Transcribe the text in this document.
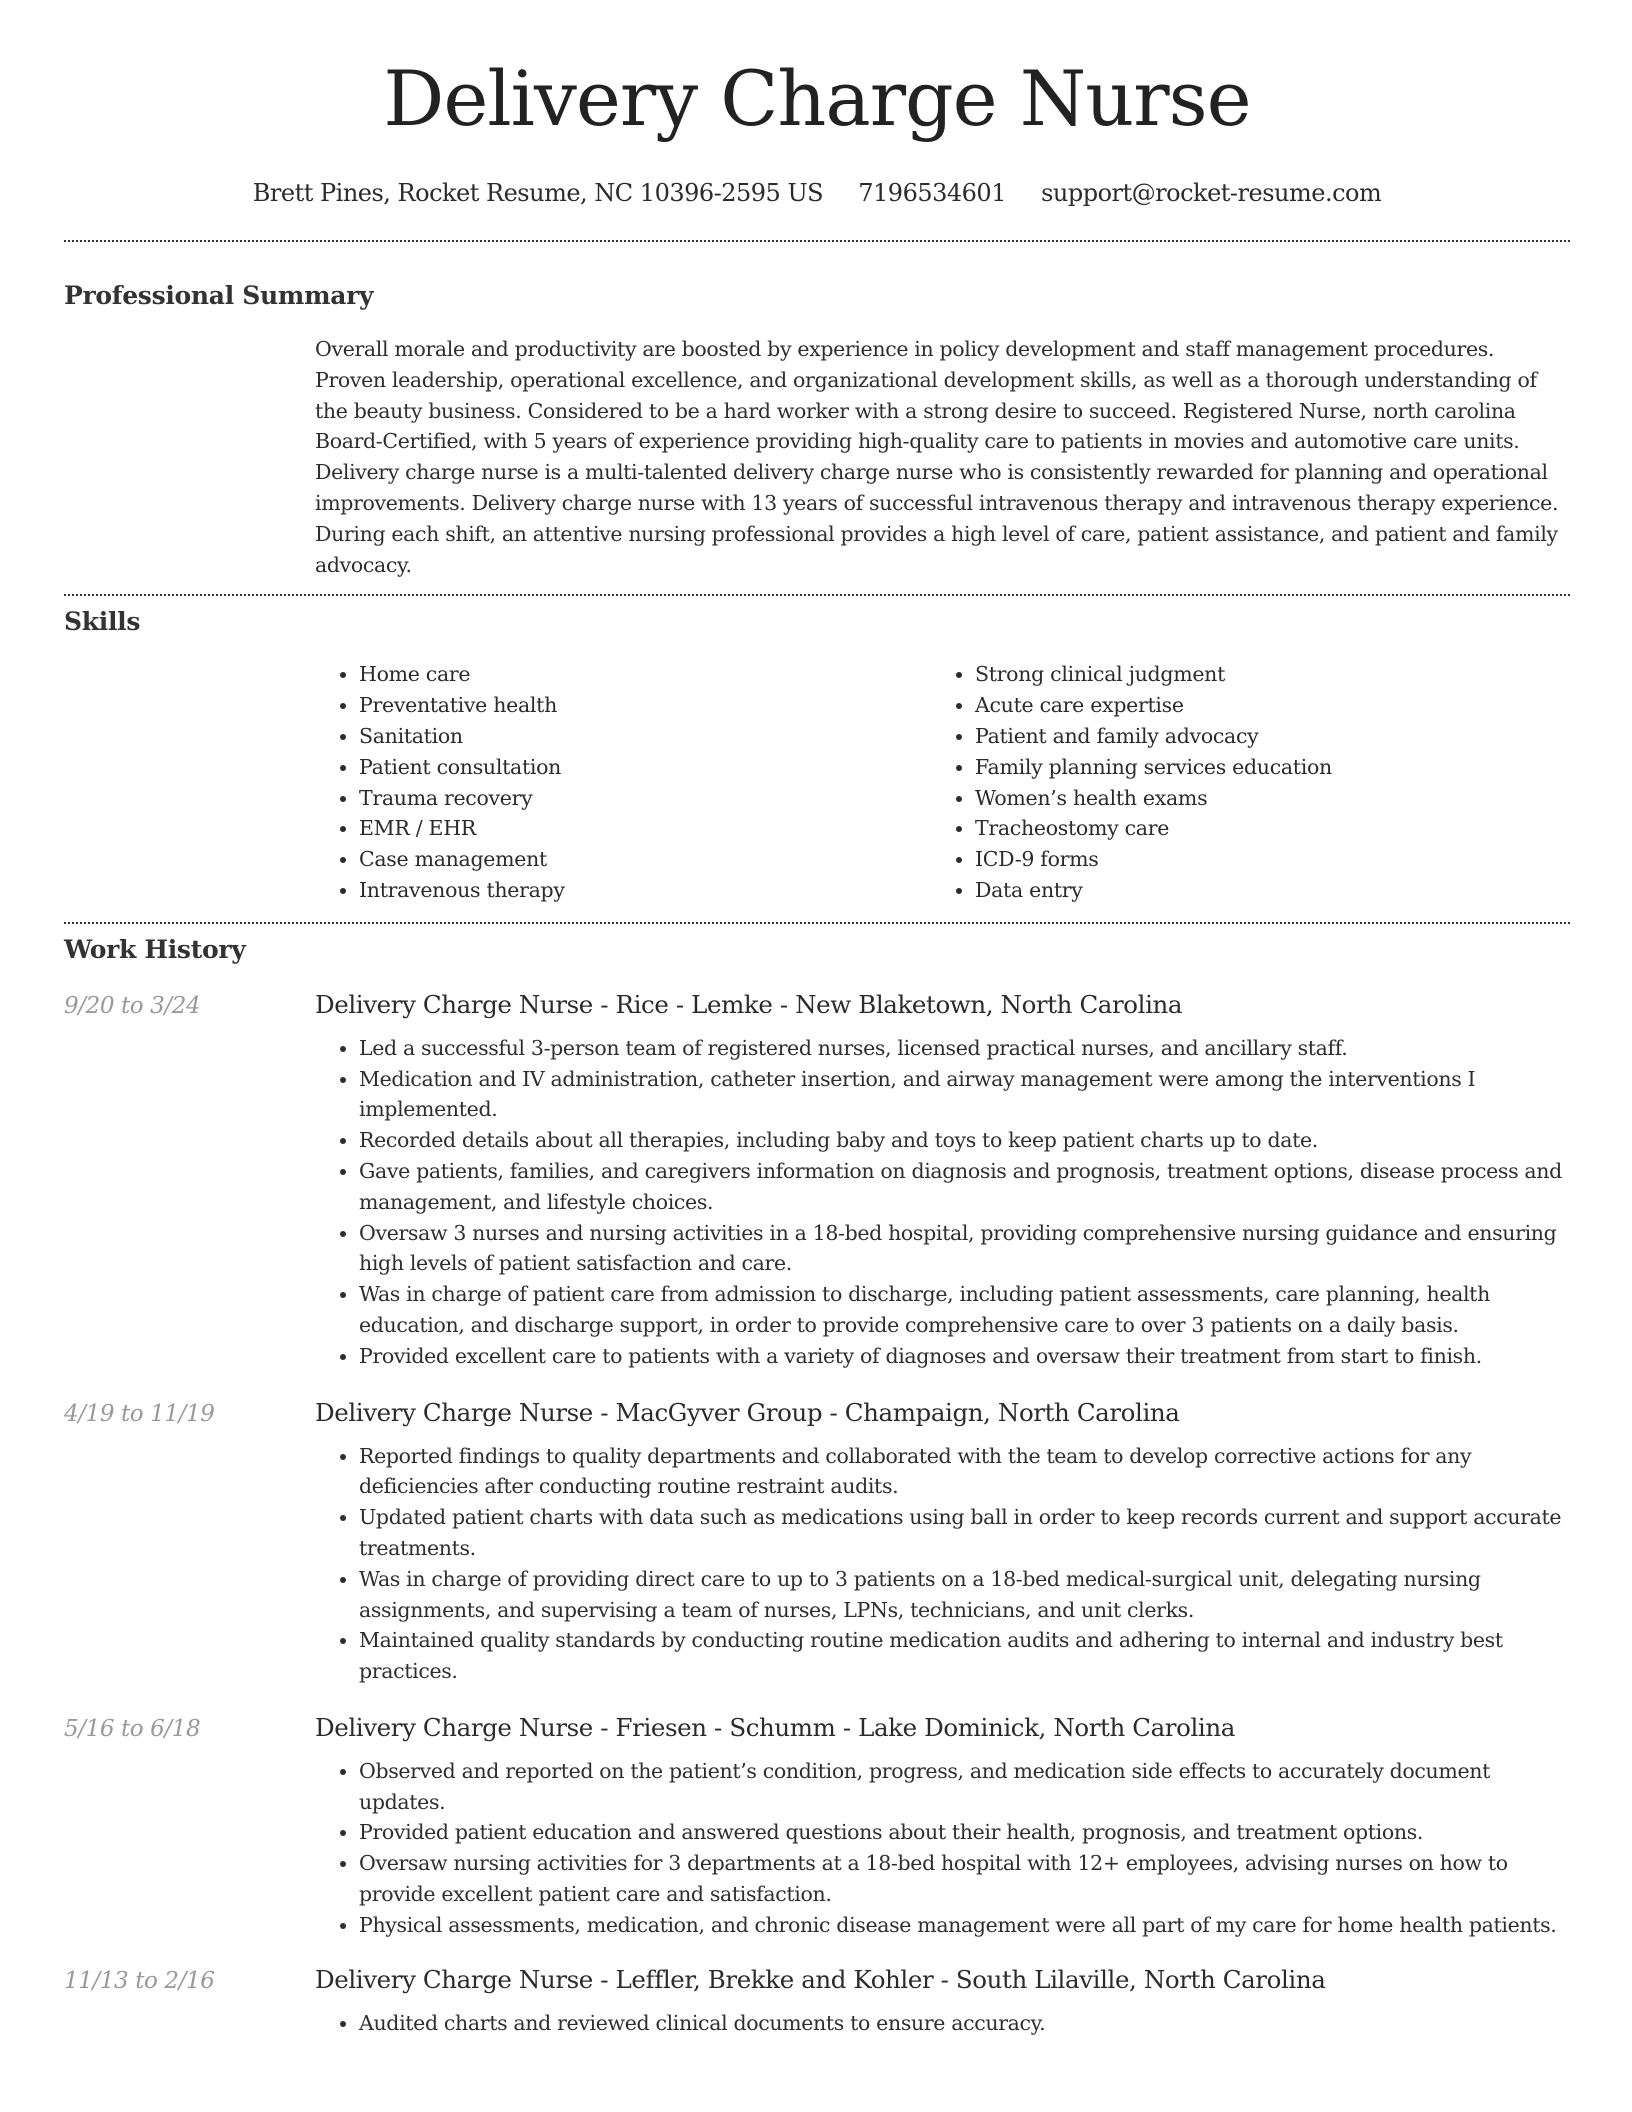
Delivery Charge Nurse
Brett Pines, Rocket Resume, NC 10396-2595 US 7196534601 support@rocket-resume.com
Professional Summary

Overall morale and productivity are boosted by experience in policy development and staff management procedures. Proven leadership, operational excellence, and organizational development skills, as well as a thorough understanding of the beauty business. Considered to be a hard worker with a strong desire to succeed. Registered Nurse, north carolina Board-Certified, with 5 years of experience providing high-quality care to patients in movies and automotive care units. Delivery charge nurse is a multi-talented delivery charge nurse who is consistently rewarded for planning and operational improvements. Delivery charge nurse with 13 years of successful intravenous therapy and intravenous therapy experience. During each shift, an attentive nursing professional provides a high level of care, patient assistance, and patient and family advocacy.

Skills
• Home care
• Preventative health
• Sanitation
• Patient consultation
• Trauma recovery
• EMR / EHR
• Case management
• Intravenous therapy
• Strong clinical judgment
• Acute care expertise
• Patient and family advocacy
• Family planning services education
• Women’s health exams
• Tracheostomy care
• ICD-9 forms
• Data entry
Work History
9/20 to 3/24	Delivery Charge Nurse - Rice - Lemke - New Blaketown, North Carolina
• Led a successful 3-person team of registered nurses, licensed practical nurses, and ancillary staff.
• Medication and IV administration, catheter insertion, and airway management were among the interventions I implemented.
• Recorded details about all therapies, including baby and toys to keep patient charts up to date.
• Gave patients, families, and caregivers information on diagnosis and prognosis, treatment options, disease process and management, and lifestyle choices.
• Oversaw 3 nurses and nursing activities in a 18-bed hospital, providing comprehensive nursing guidance and ensuring high levels of patient satisfaction and care.
• Was in charge of patient care from admission to discharge, including patient assessments, care planning, health education, and discharge support, in order to provide comprehensive care to over 3 patients on a daily basis.
• Provided excellent care to patients with a variety of diagnoses and oversaw their treatment from start to finish.
4/19 to 11/19	Delivery Charge Nurse - MacGyver Group - Champaign, North Carolina
• Reported findings to quality departments and collaborated with the team to develop corrective actions for any deficiencies after conducting routine restraint audits.
• Updated patient charts with data such as medications using ball in order to keep records current and support accurate treatments.
• Was in charge of providing direct care to up to 3 patients on a 18-bed medical-surgical unit, delegating nursing assignments, and supervising a team of nurses, LPNs, technicians, and unit clerks.
• Maintained quality standards by conducting routine medication audits and adhering to internal and industry best practices.
5/16 to 6/18	Delivery Charge Nurse - Friesen - Schumm - Lake Dominick, North Carolina
• Observed and reported on the patient’s condition, progress, and medication side effects to accurately document updates.
• Provided patient education and answered questions about their health, prognosis, and treatment options.
• Oversaw nursing activities for 3 departments at a 18-bed hospital with 12+ employees, advising nurses on how to provide excellent patient care and satisfaction.
• Physical assessments, medication, and chronic disease management were all part of my care for home health patients.
11/13 to 2/16	Delivery Charge Nurse - Leffler, Brekke and Kohler - South Lilaville, North Carolina
• Audited charts and reviewed clinical documents to ensure accuracy.
